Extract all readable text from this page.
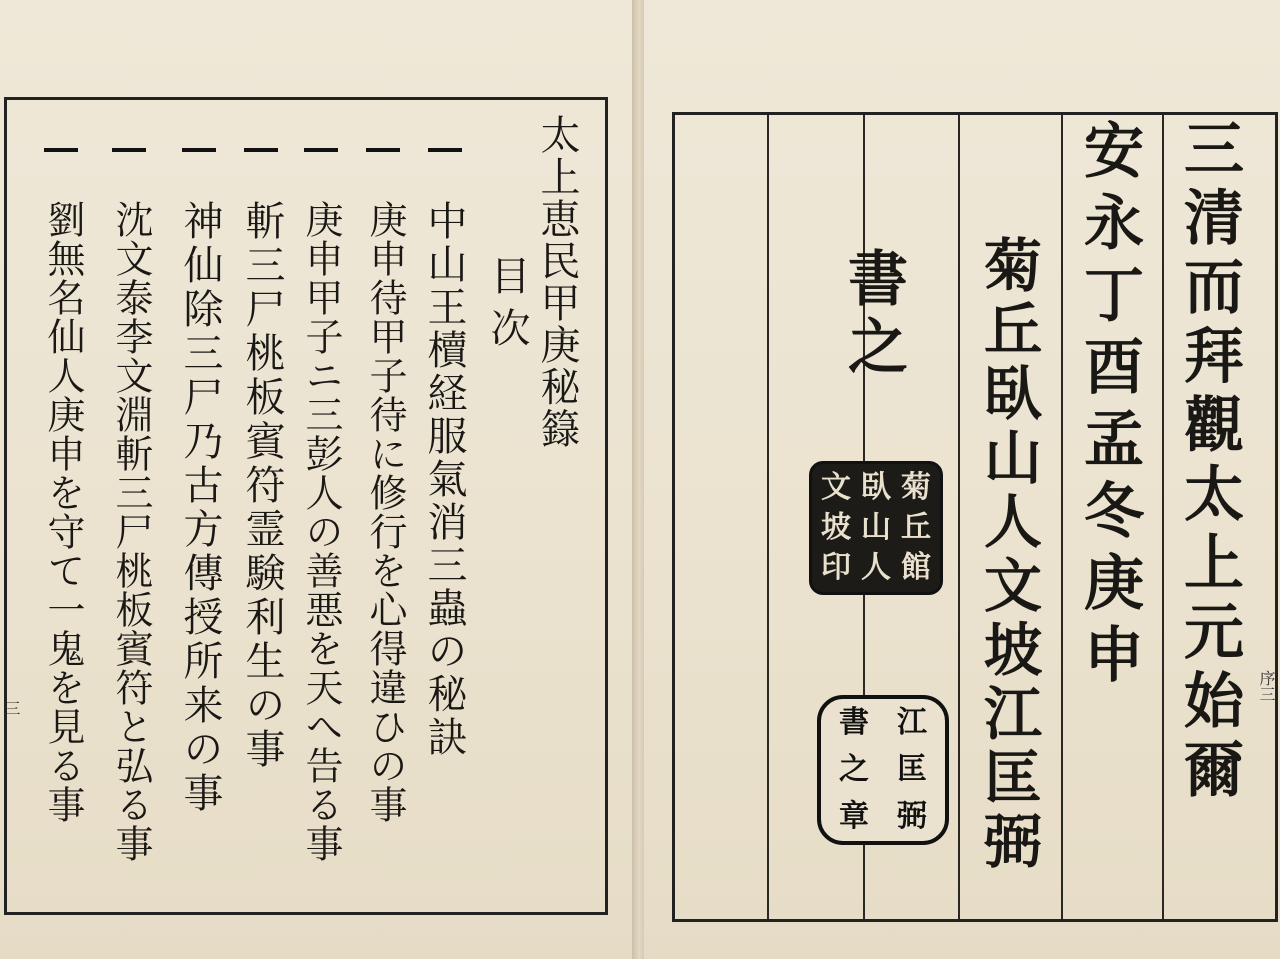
太上恵民甲庚秘籙
目次
中山王櫝経服氣消三蟲の秘訣
庚申待甲子待に修行を心得違ひの事
庚申甲子ニ三彭人の善悪を天へ告る事
斬三尸桃板賓符霊験利生の事
神仙除三尸乃古方傳授所来の事
沈文泰李文淵斬三尸桃板賓符と弘る事
劉無名仙人庚申を守て一鬼を見る事
三
序三
三清而拜觀太上元始爾
安永丁酉孟冬庚申
菊丘臥山人文坡江匡弼
書之
文 臥 菊
坡 山 丘
印 人 館
書 江
之 匡
章 弼
